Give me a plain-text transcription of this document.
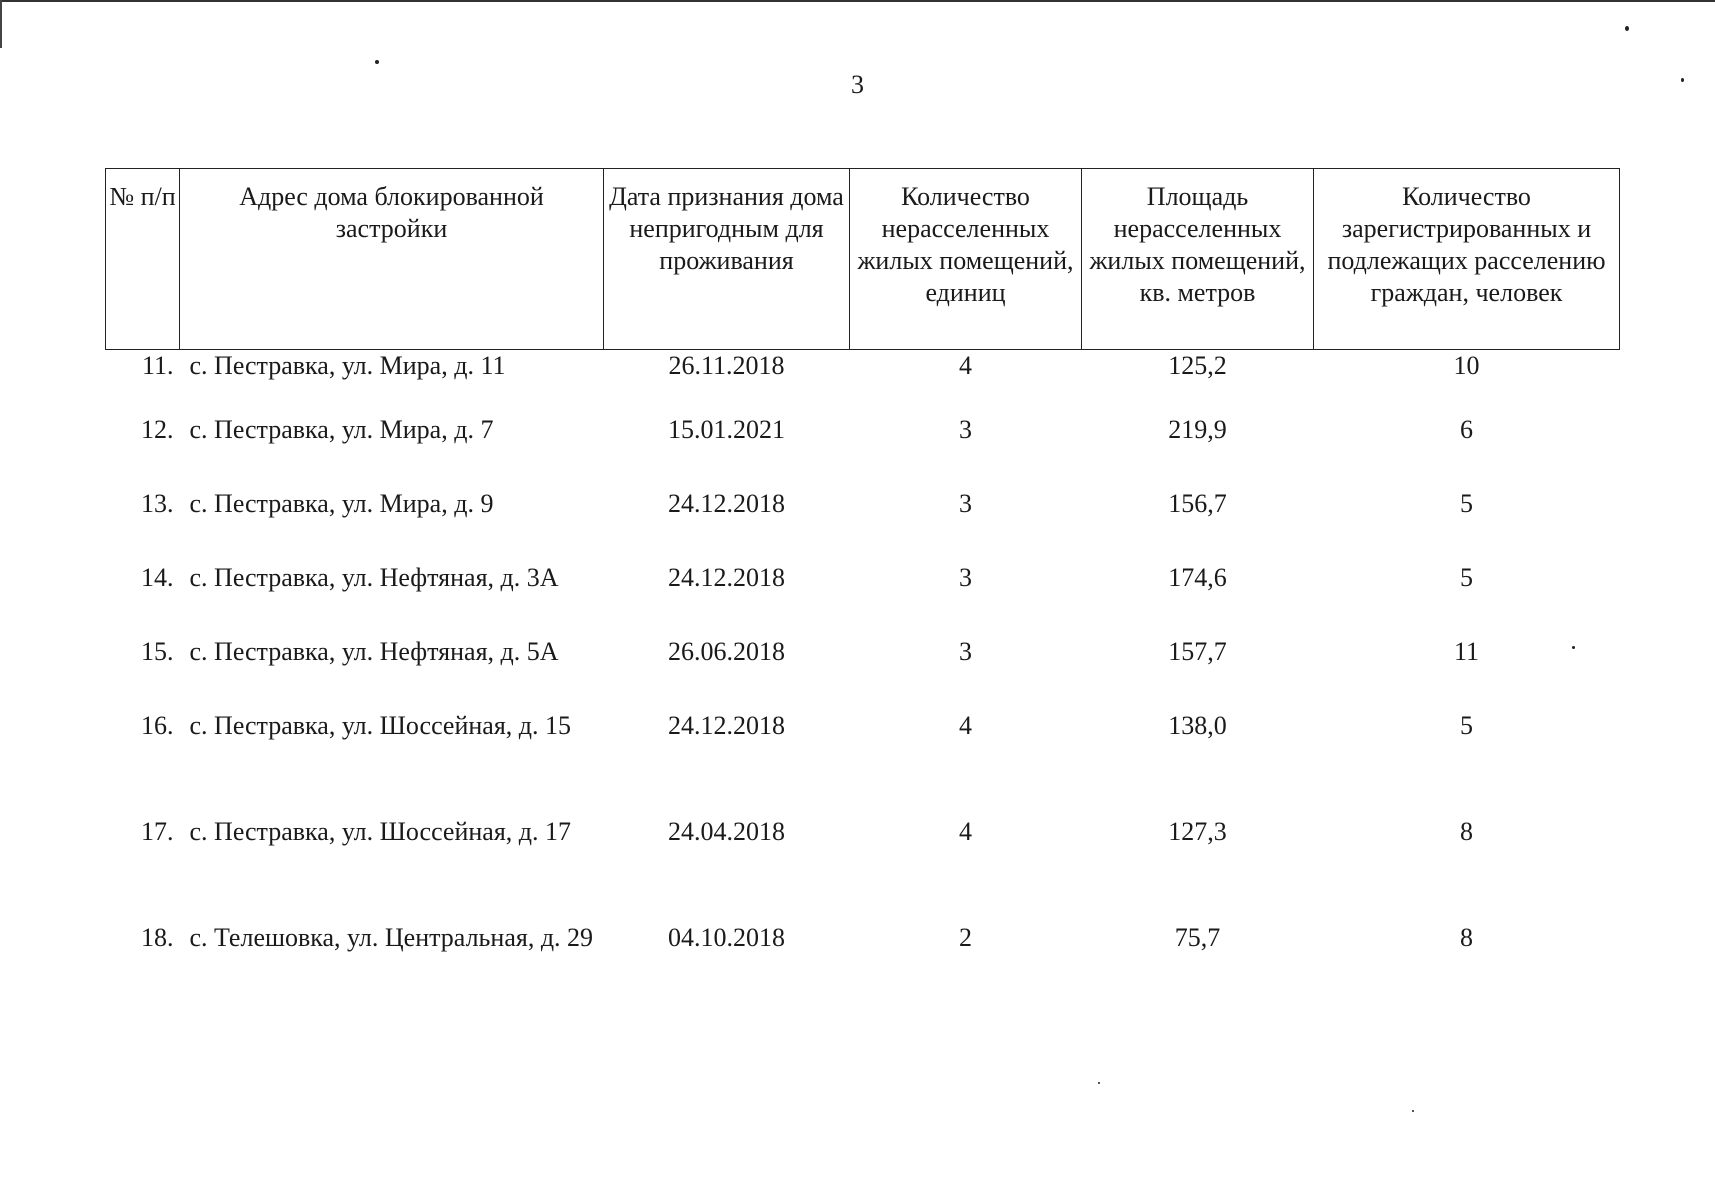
3
№ п/п	Адрес дома блокированной застройки	Дата признания дома непригодным для проживания	Количество нерасселенных жилых помещений, единиц	Площадь нерасселенных жилых помещений, кв. метров	Количество зарегистрированных и подлежащих расселению граждан, человек
11.	с. Пестравка, ул. Мира, д. 11	26.11.2018	4	125,2	10
12.	с. Пестравка, ул. Мира, д. 7	15.01.2021	3	219,9	6
13.	с. Пестравка, ул. Мира, д. 9	24.12.2018	3	156,7	5
14.	с. Пестравка, ул. Нефтяная, д. 3А	24.12.2018	3	174,6	5
15.	с. Пестравка, ул. Нефтяная, д. 5А	26.06.2018	3	157,7	11
16.	с. Пестравка, ул. Шоссейная, д. 15	24.12.2018	4	138,0	5
17.	с. Пестравка, ул. Шоссейная, д. 17	24.04.2018	4	127,3	8
18.	с. Телешовка, ул. Центральная, д. 29	04.10.2018	2	75,7	8
